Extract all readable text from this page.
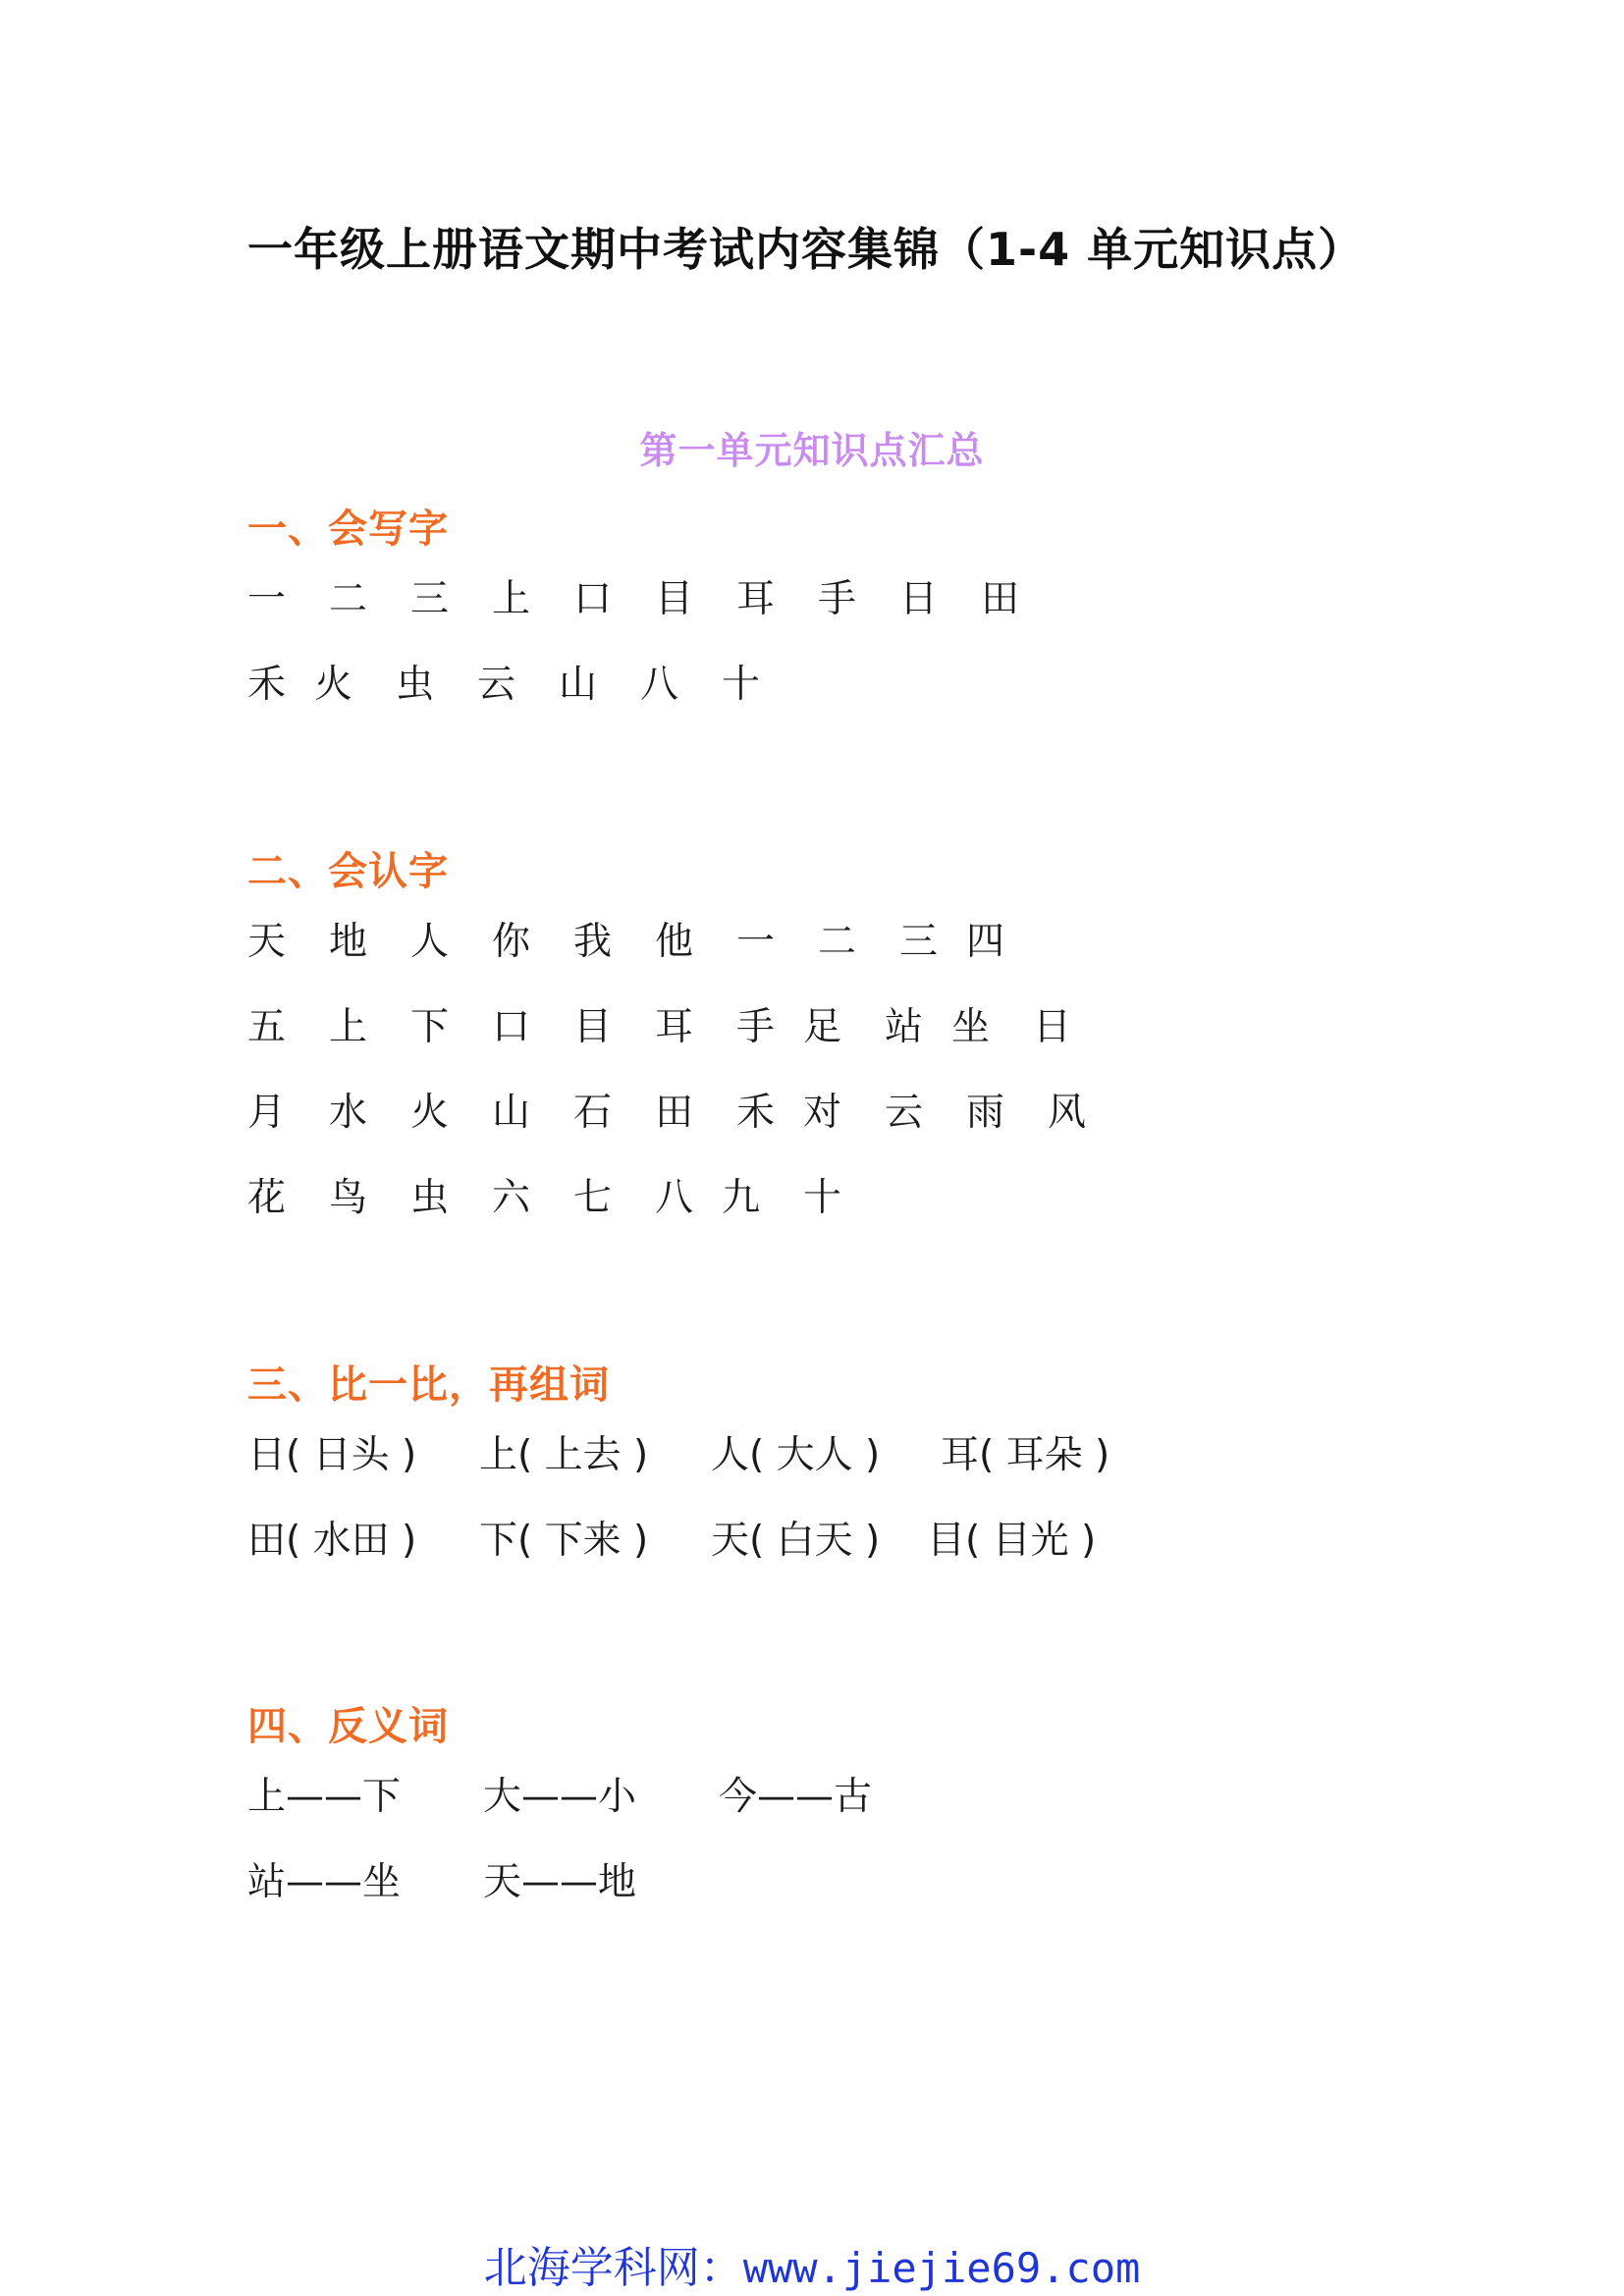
一年级上册语文期中考试内容集锦（1-4 单元知识点）
第一单元知识点汇总
一、会写字
一 二 三 上 口 目 耳 手 日 田
禾 火 虫 云 山 八 十
二、会认字
天 地 人 你 我 他 一 二 三 四
五 上 下 口 目 耳 手 足 站 坐 日
月 水 火 山 石 田 禾 对 云 雨 风
花 鸟 虫 六 七 八 九 十
三、比一比，再组词
日( 日头 ) 上( 上去 ) 人( 大人 ) 耳( 耳朵 )
田( 水田 ) 下( 下来 ) 天( 白天 ) 目( 目光 )
四、反义词
上——下 大——小 今——古
站——坐 天——地
北海学科网：www.jiejie69.com
